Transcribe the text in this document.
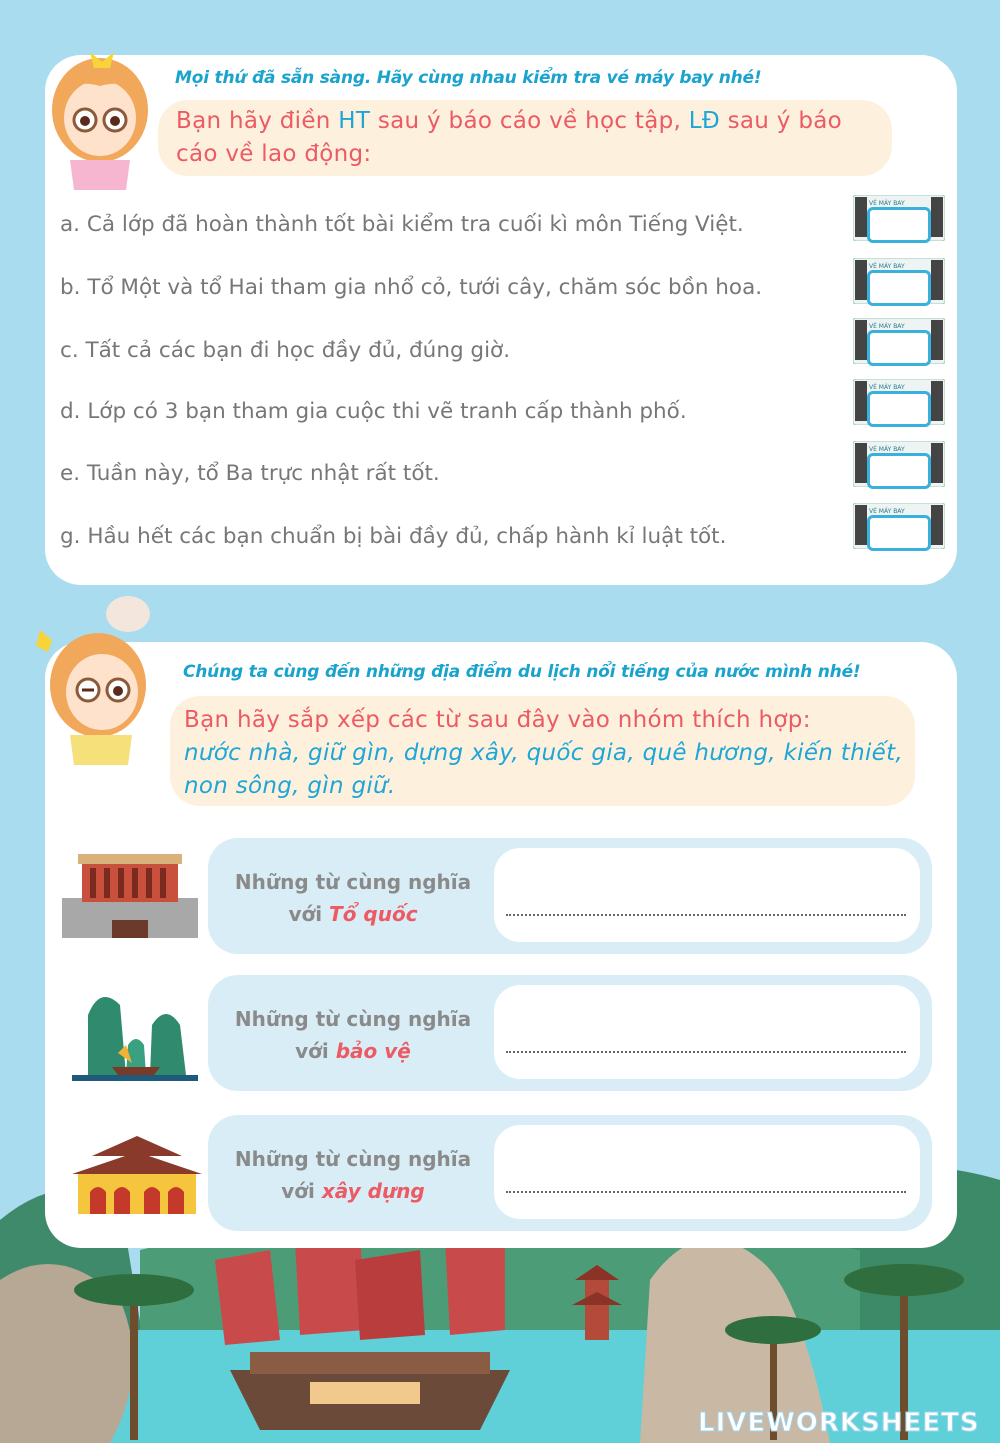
Mọi thứ đã sẵn sàng. Hãy cùng nhau kiểm tra vé máy bay nhé!
Bạn hãy điền HT sau ý báo cáo về học tập, LĐ sau ý báo cáo về lao động:
a. Cả lớp đã hoàn thành tốt bài kiểm tra cuối kì môn Tiếng Việt.
b. Tổ Một và tổ Hai tham gia nhổ cỏ, tưới cây, chăm sóc bồn hoa.
c. Tất cả các bạn đi học đầy đủ, đúng giờ.
d. Lớp có 3 bạn tham gia cuộc thi vẽ tranh cấp thành phố.
e. Tuần này, tổ Ba trực nhật rất tốt.
g. Hầu hết các bạn chuẩn bị bài đầy đủ, chấp hành kỉ luật tốt.
VÉ MÁY BAY
VÉ MÁY BAY
VÉ MÁY BAY
VÉ MÁY BAY
VÉ MÁY BAY
VÉ MÁY BAY
Chúng ta cùng đến những địa điểm du lịch nổi tiếng của nước mình nhé!
Bạn hãy sắp xếp các từ sau đây vào nhóm thích hợp:
nước nhà, giữ gìn, dựng xây, quốc gia, quê hương, kiến thiết, non sông, gìn giữ.
Những từ cùng nghĩa
với Tổ quốc
Những từ cùng nghĩa
với bảo vệ
Những từ cùng nghĩa
với xây dựng
LIVEWORKSHEETS
